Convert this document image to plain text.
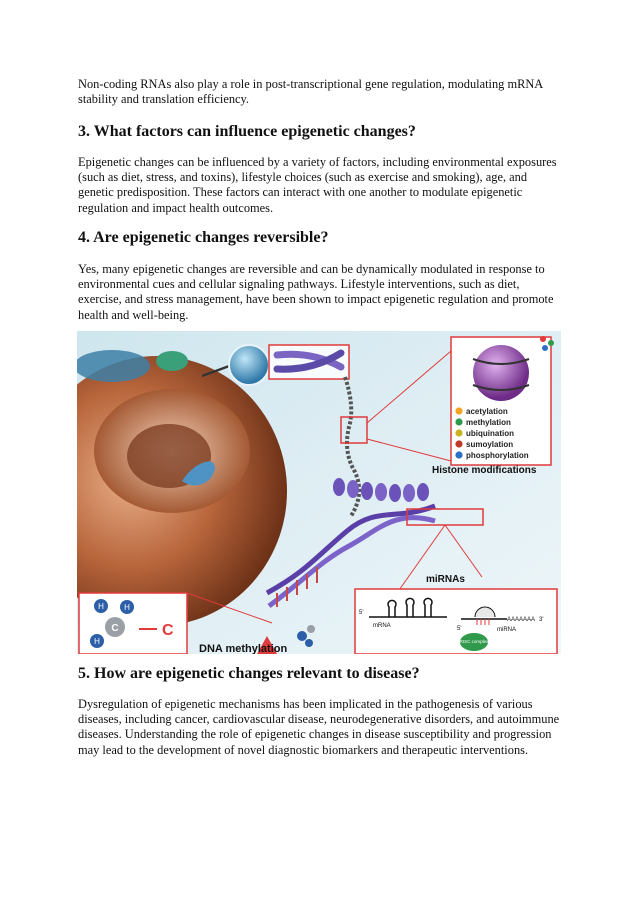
Non-coding RNAs also play a role in post-transcriptional gene regulation, modulating mRNA stability and translation efficiency.

3. What factors can influence epigenetic changes?

Epigenetic changes can be influenced by a variety of factors, including environmental exposures (such as diet, stress, and toxins), lifestyle choices (such as exercise and smoking), age, and genetic predisposition. These factors can interact with one another to modulate epigenetic regulation and impact health outcomes.

4. Are epigenetic changes reversible?

Yes, many epigenetic changes are reversible and can be dynamically modulated in response to environmental cues and cellular signaling pathways. Lifestyle interventions, such as diet, exercise, and stress management, have been shown to impact epigenetic regulation and promote health and well-being.

acetylation
methylation
ubiquination
sumoylation
phosphorylation
Histone modifications
miRNAs
5'
mRNA
AAAAAAA 3'
5'	miRNA
RISC complex
H	H
C
H
C
DNA methylation
5. How are epigenetic changes relevant to disease?

Dysregulation of epigenetic mechanisms has been implicated in the pathogenesis of various diseases, including cancer, cardiovascular disease, neurodegenerative disorders, and autoimmune diseases. Understanding the role of epigenetic changes in disease susceptibility and progression may lead to the development of novel diagnostic biomarkers and therapeutic interventions.
